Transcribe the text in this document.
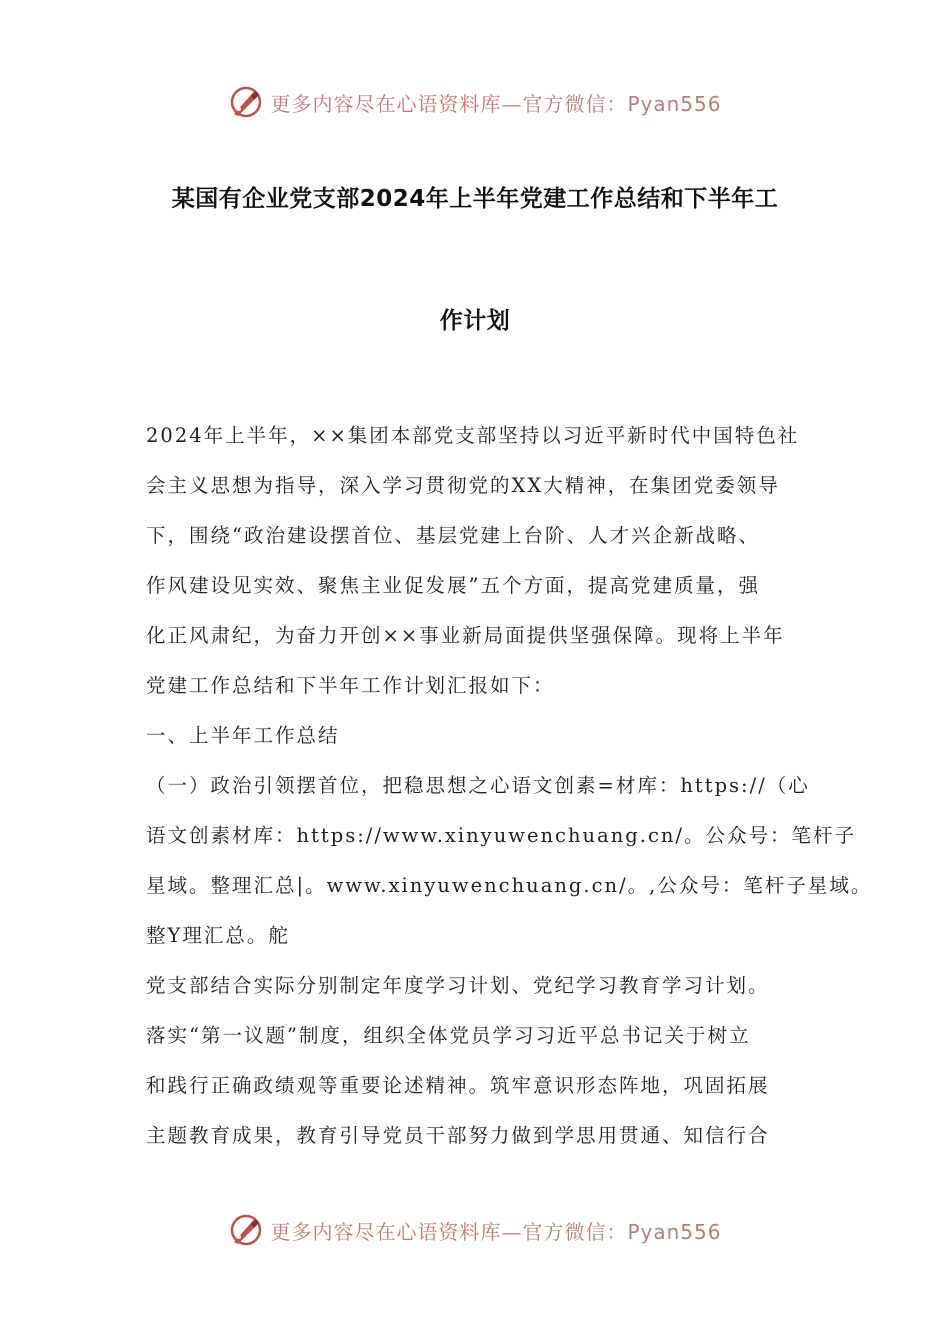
更多内容尽在心语资料库— 官方微信：Pyan556
某国有企业党支部2024年上半年党建工作总结和下半年工
作计划
2024年上半年，××集团本部党支部坚持以习近平新时代中国特色社
会主义思想为指导，深入学习贯彻党的XX大精神，在集团党委领导
下，围绕“政治建设摆首位、基层党建上台阶、人才兴企新战略、
作风建设见实效、聚焦主业促发展”五个方面，提高党建质量，强
化正风肃纪，为奋力开创××事业新局面提供坚强保障。现将上半年
党建工作总结和下半年工作计划汇报如下：
一、上半年工作总结
（一）政治引领摆首位，把稳思想之心语文创素=材库：https://（心
语文创素材库：https://www.xinyuwenchuang.cn/。公众号：笔杆子
星域。整理汇总|。www.xinyuwenchuang.cn/。,公众号：笔杆子星域。
整Y理汇总。舵
党支部结合实际分别制定年度学习计划、党纪学习教育学习计划。
落实“第一议题”制度，组织全体党员学习习近平总书记关于树立
和践行正确政绩观等重要论述精神。筑牢意识形态阵地，巩固拓展
主题教育成果，教育引导党员干部努力做到学思用贯通、知信行合
更多内容尽在心语资料库— 官方微信：Pyan556
